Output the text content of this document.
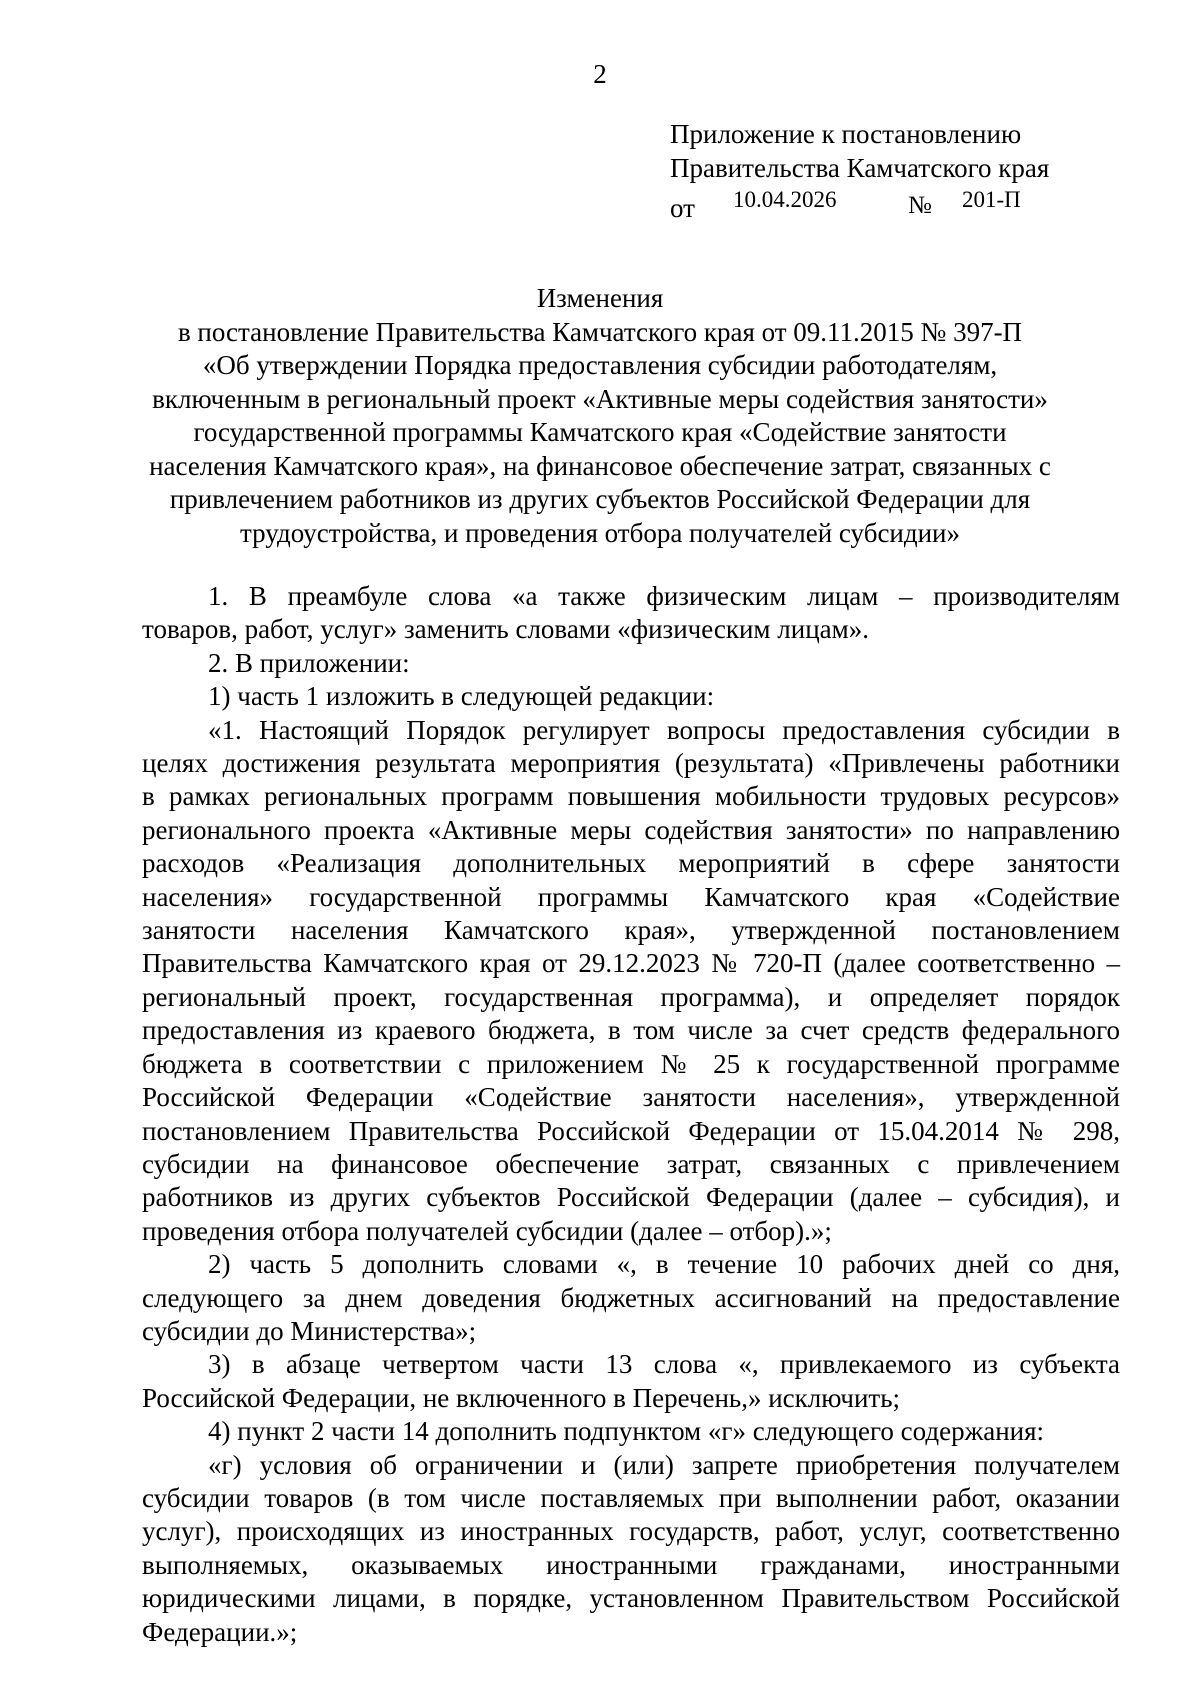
2
Приложение к постановлению
Правительства Камчатского края
от 10.04.2026	№ 201-П
Изменения
в постановление Правительства Камчатского края от 09.11.2015 № 397-П
«Об утверждении Порядка предоставления субсидии работодателям,
включенным в региональный проект «Активные меры содействия занятости»
государственной программы Камчатского края «Содействие занятости
населения Камчатского края», на финансовое обеспечение затрат, связанных с
привлечением работников из других субъектов Российской Федерации для
трудоустройства, и проведения отбора получателей субсидии»
1. В преамбуле слова «а также физическим лицам – производителям
товаров, работ, услуг» заменить словами «физическим лицам».
2. В приложении:
1) часть 1 изложить в следующей редакции:
«1. Настоящий Порядок регулирует вопросы предоставления субсидии в
целях достижения результата мероприятия (результата) «Привлечены работники
в рамках региональных программ повышения мобильности трудовых ресурсов»
регионального проекта «Активные меры содействия занятости» по направлению
расходов «Реализация дополнительных мероприятий в сфере занятости
населения» государственной программы Камчатского края «Содействие
занятости населения Камчатского края», утвержденной постановлением
Правительства Камчатского края от 29.12.2023 № 720-П (далее соответственно –
региональный проект, государственная программа), и определяет порядок
предоставления из краевого бюджета, в том числе за счет средств федерального
бюджета в соответствии с приложением № 25 к государственной программе
Российской Федерации «Содействие занятости населения», утвержденной
постановлением Правительства Российской Федерации от 15.04.2014 № 298,
субсидии на финансовое обеспечение затрат, связанных с привлечением
работников из других субъектов Российской Федерации (далее – субсидия), и
проведения отбора получателей субсидии (далее – отбор).»;
2) часть 5 дополнить словами «, в течение 10 рабочих дней со дня,
следующего за днем доведения бюджетных ассигнований на предоставление
субсидии до Министерства»;
3) в абзаце четвертом части 13 слова «, привлекаемого из субъекта
Российской Федерации, не включенного в Перечень,» исключить;
4) пункт 2 части 14 дополнить подпунктом «г» следующего содержания:
«г) условия об ограничении и (или) запрете приобретения получателем
субсидии товаров (в том числе поставляемых при выполнении работ, оказании
услуг), происходящих из иностранных государств, работ, услуг, соответственно
выполняемых, оказываемых иностранными гражданами, иностранными
юридическими лицами, в порядке, установленном Правительством Российской
Федерации.»;
